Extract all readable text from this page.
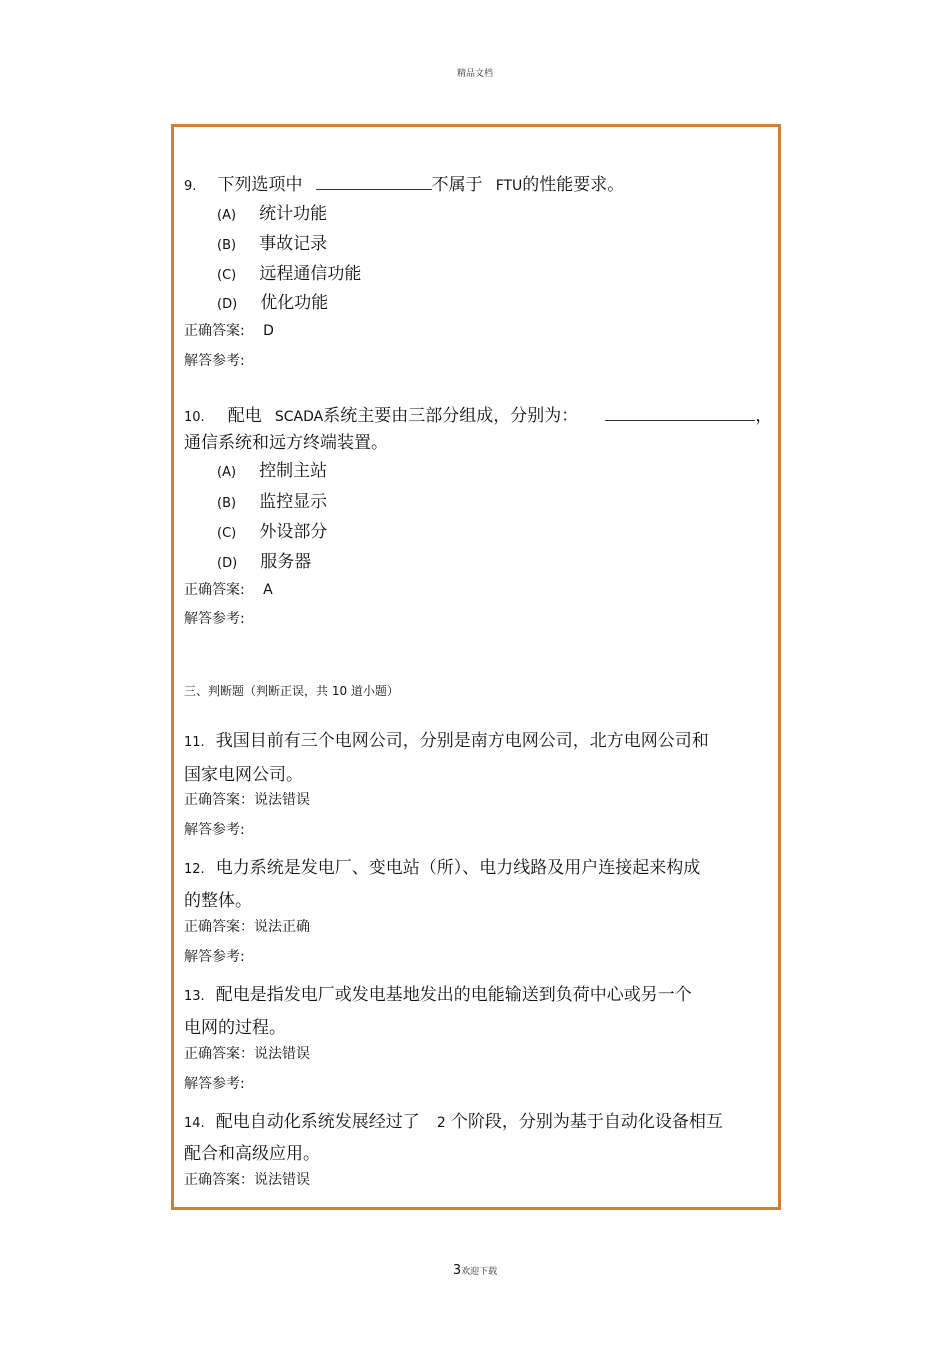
精品文档
9. 下列选项中	不属于 FTU的性能要求。
(A) 统计功能
(B) 事故记录
(C) 远程通信功能
(D) 优化功能
正确答案: D
解答参考:
10. 配电 SCADA系统主要由三部分组成，分别为：	，
通信系统和远方终端装置。
(A) 控制主站
(B) 监控显示
(C) 外设部分
(D) 服务器
正确答案: A
解答参考:
三、判断题（判断正误，共 10 道小题）
11. 我国目前有三个电网公司，分别是南方电网公司，北方电网公司和
国家电网公司。
正确答案：说法错误
解答参考:
12. 电力系统是发电厂、变电站（所）、电力线路及用户连接起来构成
的整体。
正确答案：说法正确
解答参考:
13. 配电是指发电厂或发电基地发出的电能输送到负荷中心或另一个
电网的过程。
正确答案：说法错误
解答参考:
14. 配电自动化系统发展经过了 2 个阶段，分别为基于自动化设备相互
配合和高级应用。
正确答案：说法错误
3欢迎下载
